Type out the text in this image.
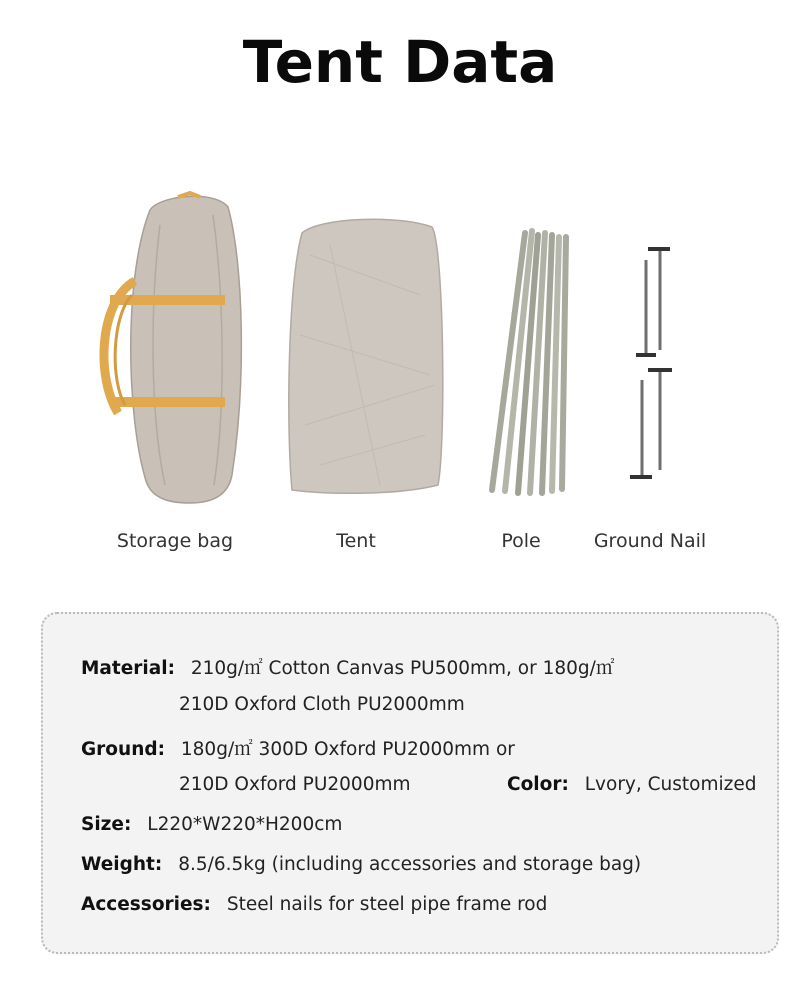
Tent Data
Storage bag	Tent	Pole	Ground Nail
Material: 210g/㎡ Cotton Canvas PU500mm, or 180g/㎡
210D Oxford Cloth PU2000mm
Ground: 180g/㎡ 300D Oxford PU2000mm or
210D Oxford PU2000mm	Color: Lvory, Customized
Size: L220*W220*H200cm
Weight: 8.5/6.5kg (including accessories and storage bag)
Accessories: Steel nails for steel pipe frame rod
